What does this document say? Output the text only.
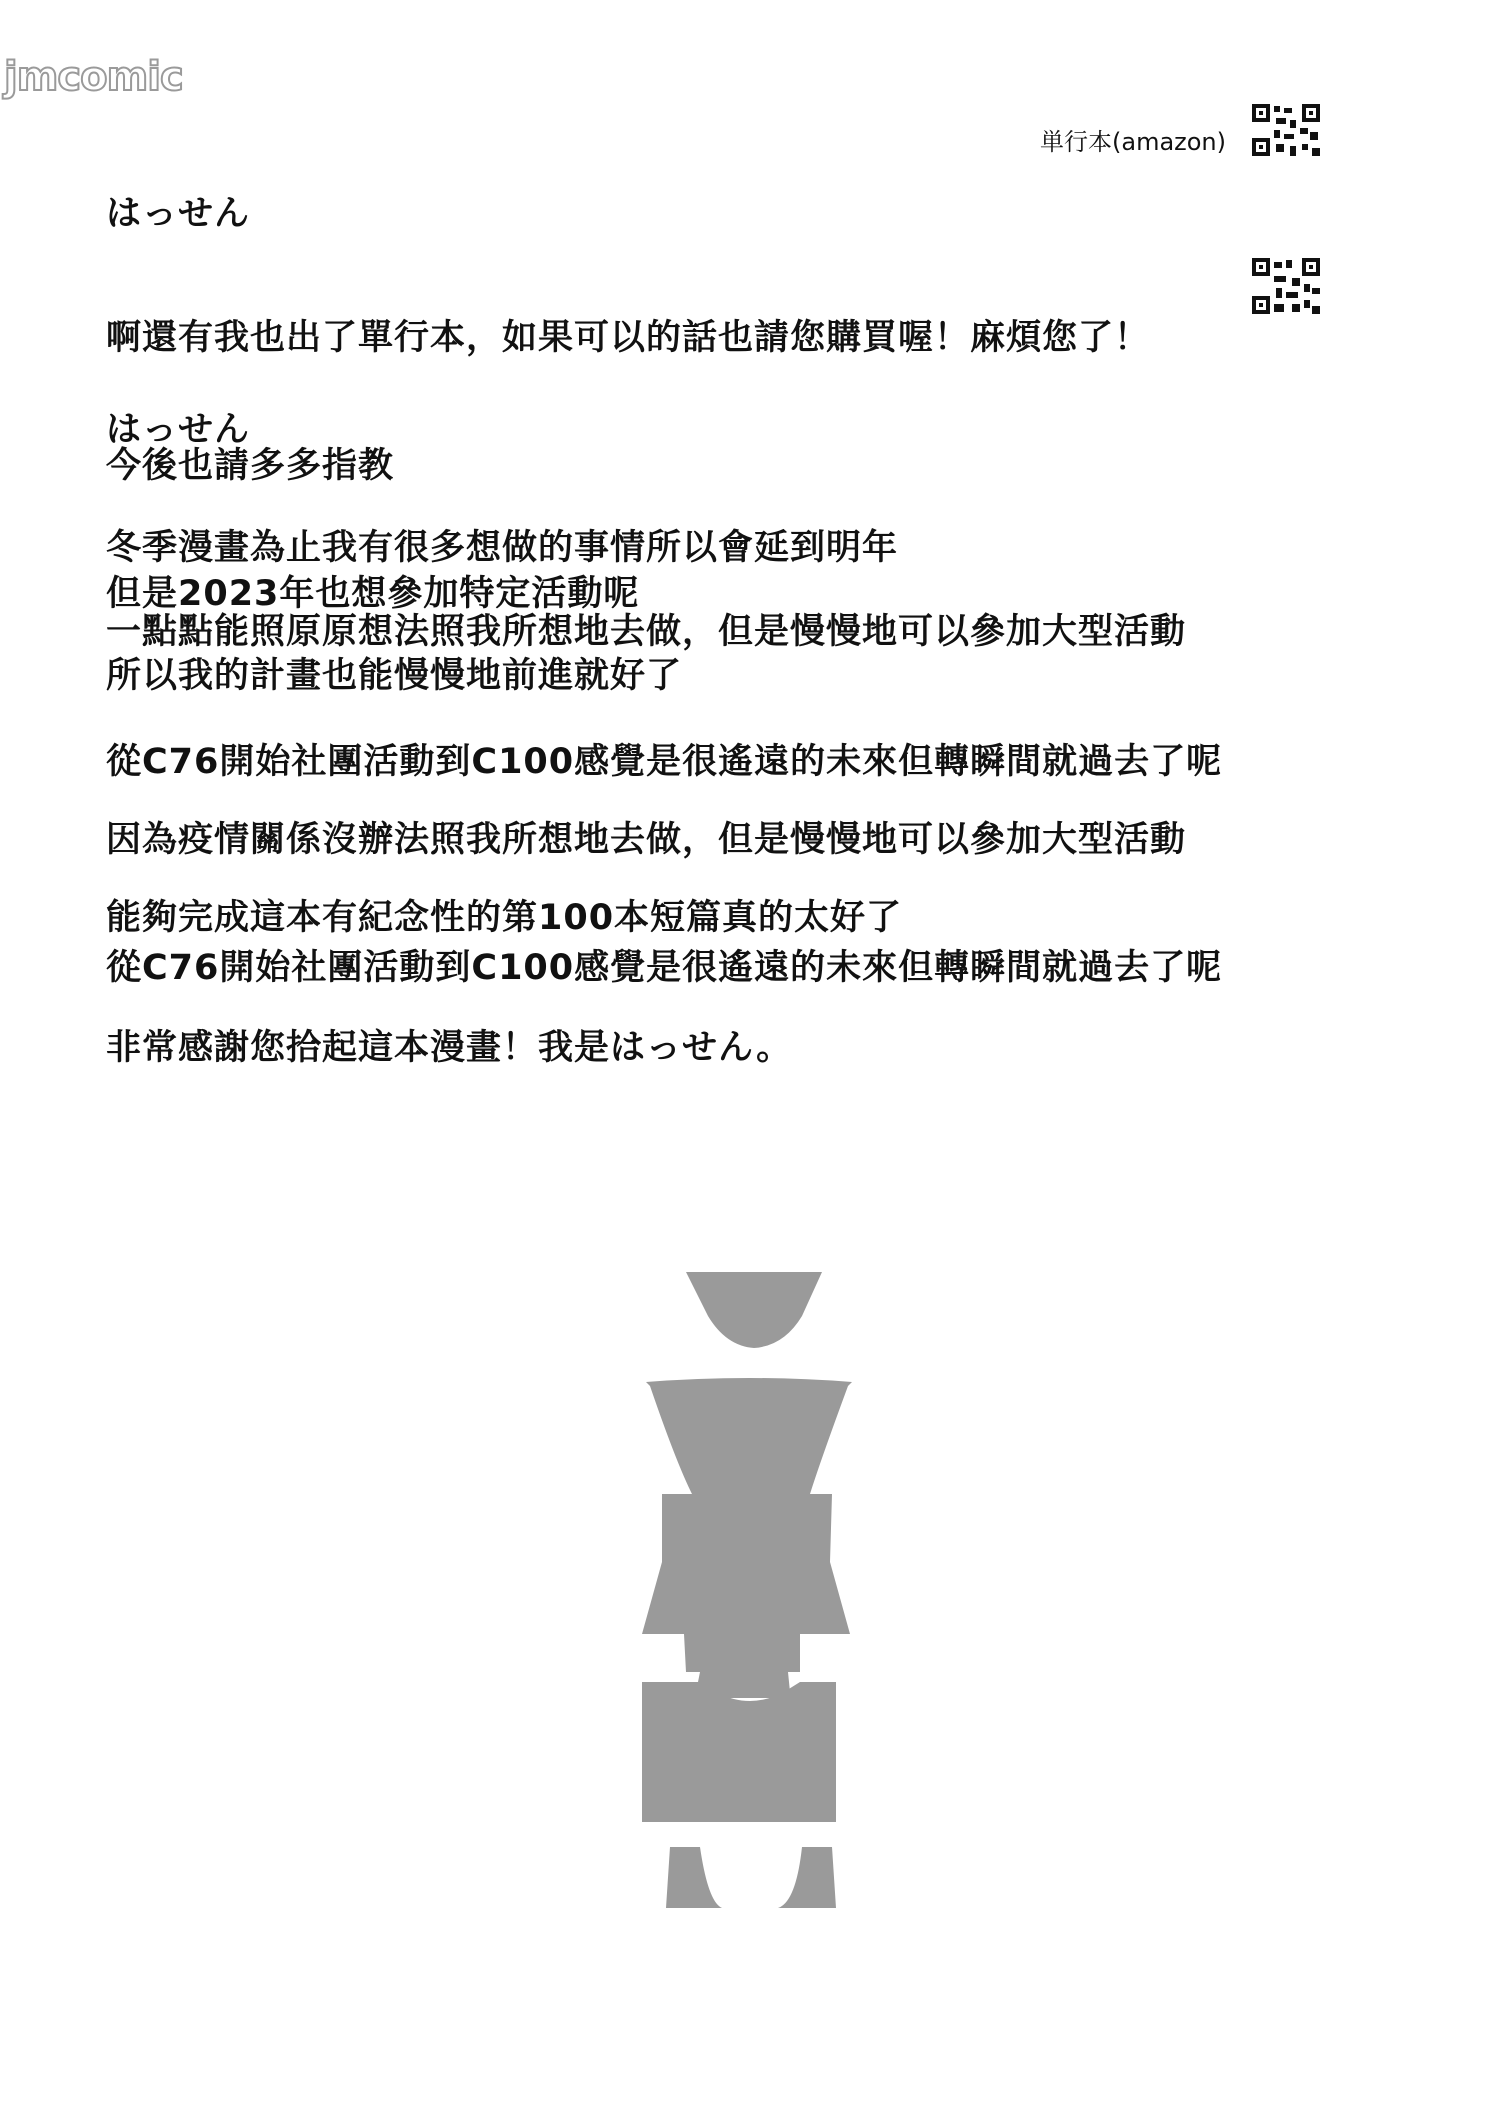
jmcomic
単行本(amazon)
はっせん
啊還有我也出了單行本，如果可以的話也請您購買喔！麻煩您了！
はっせん
今後也請多多指教
冬季漫畫為止我有很多想做的事情所以會延到明年
但是2023年也想參加特定活動呢
一點點能照原原想法照我所想地去做，但是慢慢地可以參加大型活動
所以我的計畫也能慢慢地前進就好了
從C76開始社團活動到C100感覺是很遙遠的未來但轉瞬間就過去了呢
因為疫情關係沒辦法照我所想地去做，但是慢慢地可以參加大型活動
能夠完成這本有紀念性的第100本短篇真的太好了
從C76開始社團活動到C100感覺是很遙遠的未來但轉瞬間就過去了呢
非常感謝您拾起這本漫畫！我是はっせん。
